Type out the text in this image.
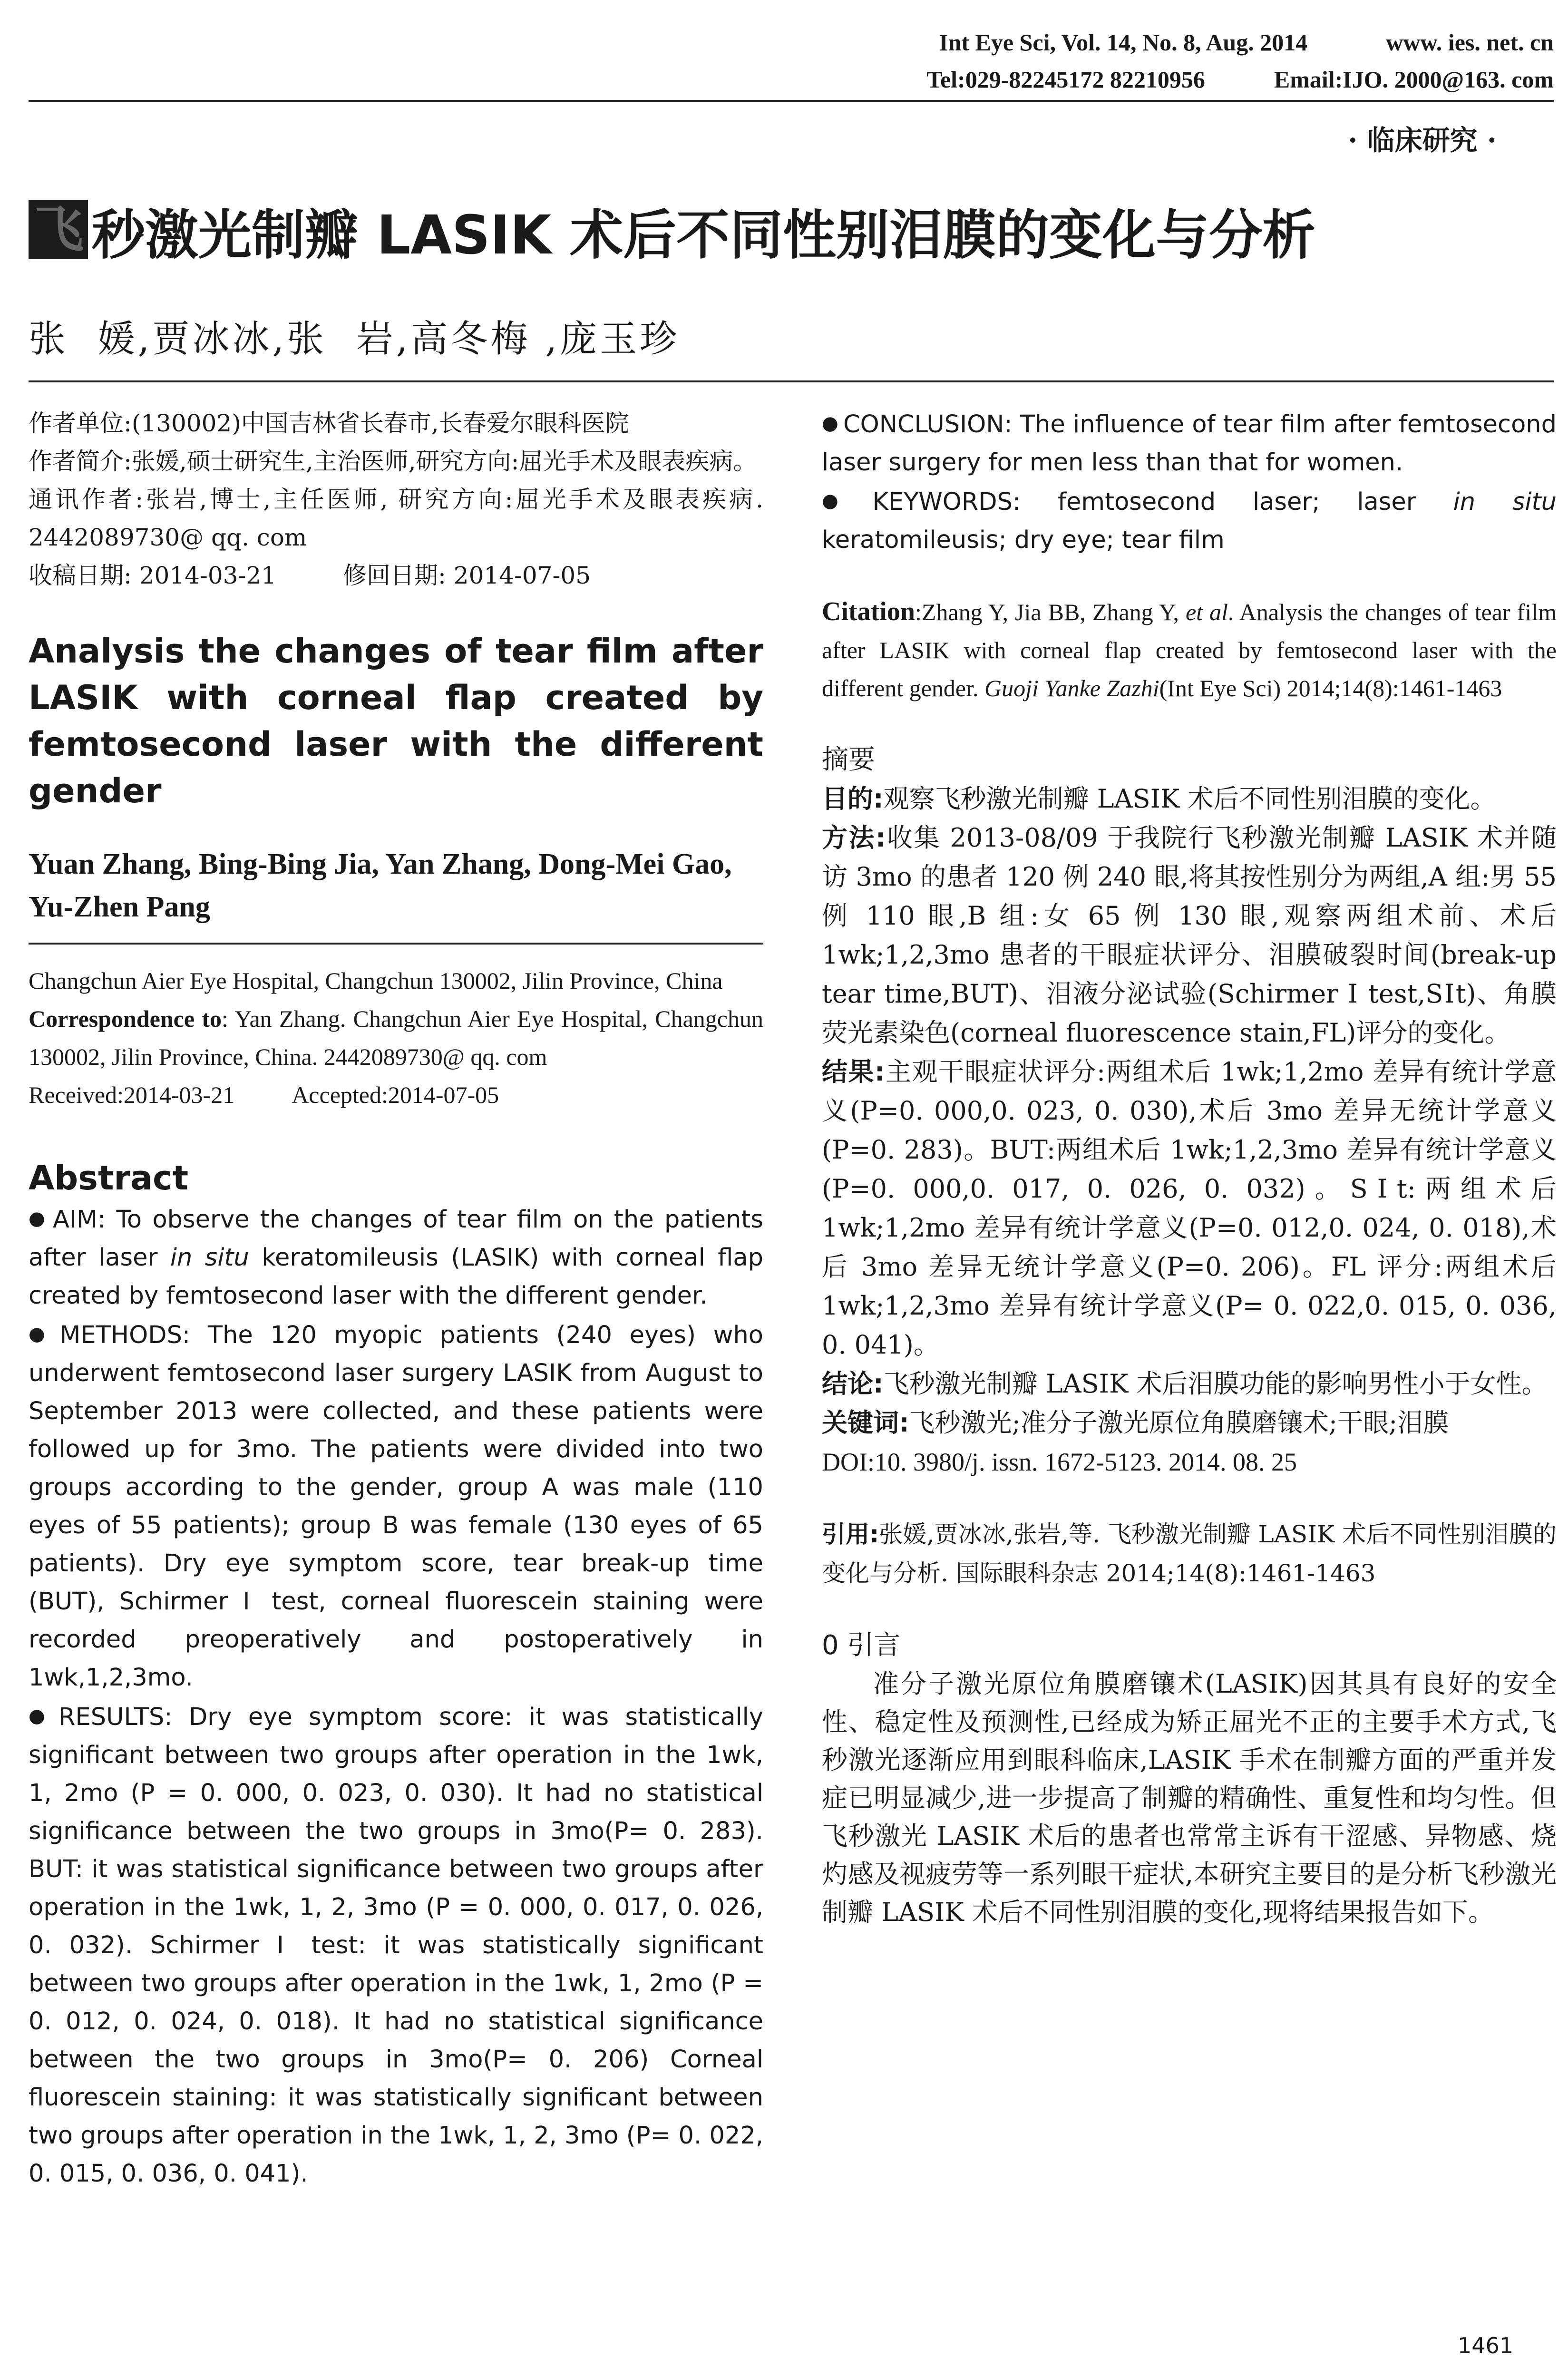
Int Eye Sci, Vol. 14, No. 8, Aug. 2014	www. ies. net. cn
Tel:029-82245172 82210956	Email:IJO. 2000@163. com
· 临床研究 ·
飞 秒激光制瓣 LASIK 术后不同性别泪膜的变化与分析
张  媛,贾冰冰,张  岩,高冬梅 ,庞玉珍

作者单位:(130002)中国吉林省长春市,长春爱尔眼科医院

作者简介:张媛,硕士研究生,主治医师,研究方向:屈光手术及眼表疾病。

通讯作者:张岩,博士,主任医师, 研究方向:屈光手术及眼表疾病. 2442089730@ qq. com

收稿日期: 2014-03-21	修回日期: 2014-07-05

Analysis the changes of tear film after LASIK with corneal flap created by femtosecond laser with the different gender
Yuan Zhang, Bing-Bing Jia, Yan Zhang, Dong-Mei Gao, Yu-Zhen Pang
Changchun Aier Eye Hospital, Changchun 130002, Jilin Province, China
Correspondence to: Yan Zhang. Changchun Aier Eye Hospital, Changchun 130002, Jilin Province, China. 2442089730@ qq. com
Received:2014-03-21 Accepted:2014-07-05
Abstract

● AIM: To observe the changes of tear film on the patients after laser in situ keratomileusis (LASIK) with corneal flap created by femtosecond laser with the different gender.

● METHODS: The 120 myopic patients (240 eyes) who underwent femtosecond laser surgery LASIK from August to September 2013 were collected, and these patients were followed up for 3mo. The patients were divided into two groups according to the gender, group A was male (110 eyes of 55 patients); group B was female (130 eyes of 65 patients). Dry eye symptom score, tear break-up time (BUT), Schirmer Ⅰ test, corneal fluorescein staining were recorded preoperatively and postoperatively in 1wk,1,2,3mo.

● RESULTS: Dry eye symptom score: it was statistically significant between two groups after operation in the 1wk, 1, 2mo (P = 0. 000, 0. 023, 0. 030). It had no statistical significance between the two groups in 3mo(P= 0. 283). BUT: it was statistical significance between two groups after operation in the 1wk, 1, 2, 3mo (P = 0. 000, 0. 017, 0. 026, 0. 032). Schirmer Ⅰ test: it was statistically significant between two groups after operation in the 1wk, 1, 2mo (P = 0. 012, 0. 024, 0. 018). It had no statistical significance between the two groups in 3mo(P= 0. 206) Corneal fluorescein staining: it was statistically significant between two groups after operation in the 1wk, 1, 2, 3mo (P= 0. 022, 0. 015, 0. 036, 0. 041).

● CONCLUSION: The influence of tear film after femtosecond laser surgery for men less than that for women.

● KEYWORDS: femtosecond laser; laser in situ keratomileusis; dry eye; tear film

Citation:Zhang Y, Jia BB, Zhang Y, et al. Analysis the changes of tear film after LASIK with corneal flap created by femtosecond laser with the different gender. Guoji Yanke Zazhi(Int Eye Sci) 2014;14(8):1461-1463
摘要

目的:观察飞秒激光制瓣 LASIK 术后不同性别泪膜的变化。

方法:收集 2013-08/09 于我院行飞秒激光制瓣 LASIK 术并随访 3mo 的患者 120 例 240 眼,将其按性别分为两组,A 组:男 55 例 110 眼,B 组:女 65 例 130 眼,观察两组术前、术后 1wk;1,2,3mo 患者的干眼症状评分、泪膜破裂时间(break-up tear time,BUT)、泪液分泌试验(Schirmer Ⅰ test,SⅠt)、角膜荧光素染色(corneal fluorescence stain,FL)评分的变化。

结果:主观干眼症状评分:两组术后 1wk;1,2mo 差异有统计学意义(P=0. 000,0. 023, 0. 030),术后 3mo 差异无统计学意义(P=0. 283)。BUT:两组术后 1wk;1,2,3mo 差异有统计学意义(P=0. 000,0. 017, 0. 026, 0. 032)。SⅠt:两组术后 1wk;1,2mo 差异有统计学意义(P=0. 012,0. 024, 0. 018),术后 3mo 差异无统计学意义(P=0. 206)。FL 评分:两组术后 1wk;1,2,3mo 差异有统计学意义(P= 0. 022,0. 015, 0. 036, 0. 041)。

结论:飞秒激光制瓣 LASIK 术后泪膜功能的影响男性小于女性。

关键词:飞秒激光;准分子激光原位角膜磨镶术;干眼;泪膜

DOI:10. 3980/j. issn. 1672-5123. 2014. 08. 25
引用:张媛,贾冰冰,张岩,等. 飞秒激光制瓣 LASIK 术后不同性别泪膜的变化与分析. 国际眼科杂志 2014;14(8):1461-1463
0 引言

准分子激光原位角膜磨镶术(LASIK)因其具有良好的安全性、稳定性及预测性,已经成为矫正屈光不正的主要手术方式,飞秒激光逐渐应用到眼科临床,LASIK 手术在制瓣方面的严重并发症已明显减少,进一步提高了制瓣的精确性、重复性和均匀性。但飞秒激光 LASIK 术后的患者也常常主诉有干涩感、异物感、烧灼感及视疲劳等一系列眼干症状,本研究主要目的是分析飞秒激光制瓣 LASIK 术后不同性别泪膜的变化,现将结果报告如下。

1461
